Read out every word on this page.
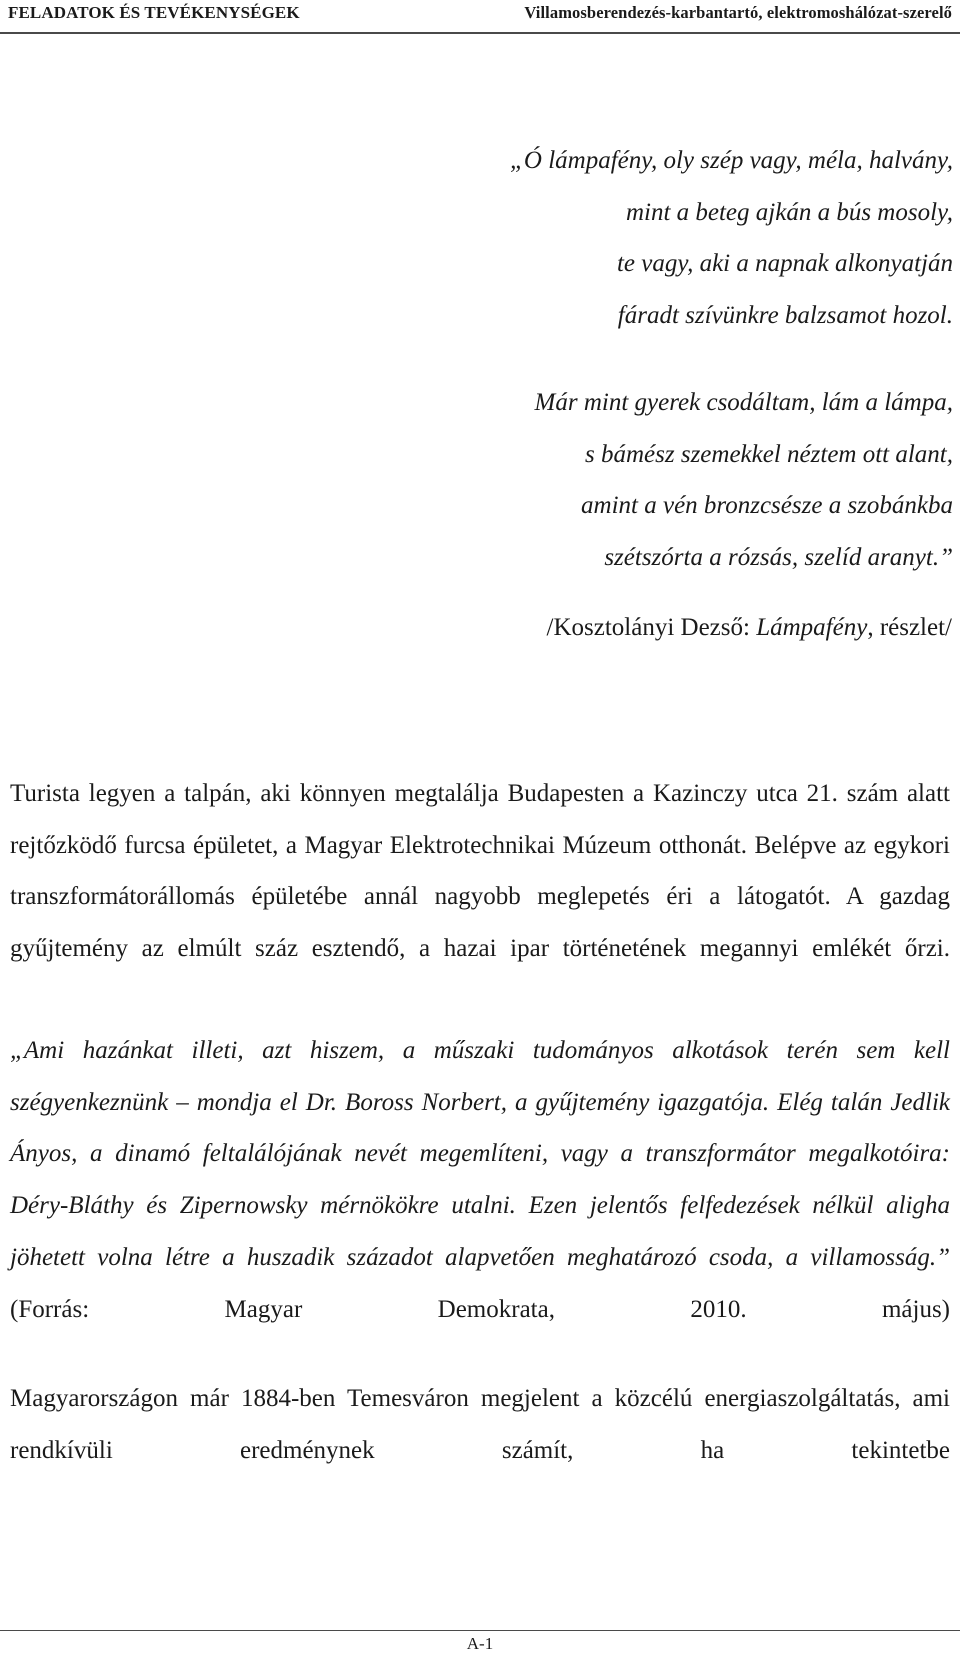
FELADATOK ÉS TEVÉKENYSÉGEK	Villamosberendezés-karbantartó, elektromoshálózat-szerelő
„Ó lámpafény, oly szép vagy, méla, halvány,
mint a beteg ajkán a bús mosoly,
te vagy, aki a napnak alkonyatján
fáradt szívünkre balzsamot hozol.
Már mint gyerek csodáltam, lám a lámpa,
s bámész szemekkel néztem ott alant,
amint a vén bronzcsésze a szobánkba
szétszórta a rózsás, szelíd aranyt.”
/Kosztolányi Dezső: Lámpafény, részlet/

Turista legyen a talpán, aki könnyen megtalálja Budapesten a Kazinczy utca 21. szám alatt rejtőzködő furcsa épületet, a Magyar Elektrotechnikai Múzeum otthonát. Belépve az egykori transzformátorállomás épületébe annál nagyobb meglepetés éri a látogatót. A gazdag gyűjtemény az elmúlt száz esztendő, a hazai ipar történetének megannyi emlékét őrzi.

„Ami hazánkat illeti, azt hiszem, a műszaki tudományos alkotások terén sem kell szégyenkeznünk – mondja el Dr. Boross Norbert, a gyűjtemény igazgatója. Elég talán Jedlik Ányos, a dinamó feltalálójának nevét megemlíteni, vagy a transzformátor megalkotóira: Déry-Bláthy és Zipernowsky mérnökökre utalni. Ezen jelentős felfedezések nélkül aligha jöhetett volna létre a huszadik századot alapvetően meghatározó csoda, a villamosság.” (Forrás: Magyar Demokrata, 2010. május)

Magyarországon már 1884-ben Temesváron megjelent a közcélú energiaszolgáltatás, ami rendkívüli eredménynek számít, ha tekintetbe

A-1
